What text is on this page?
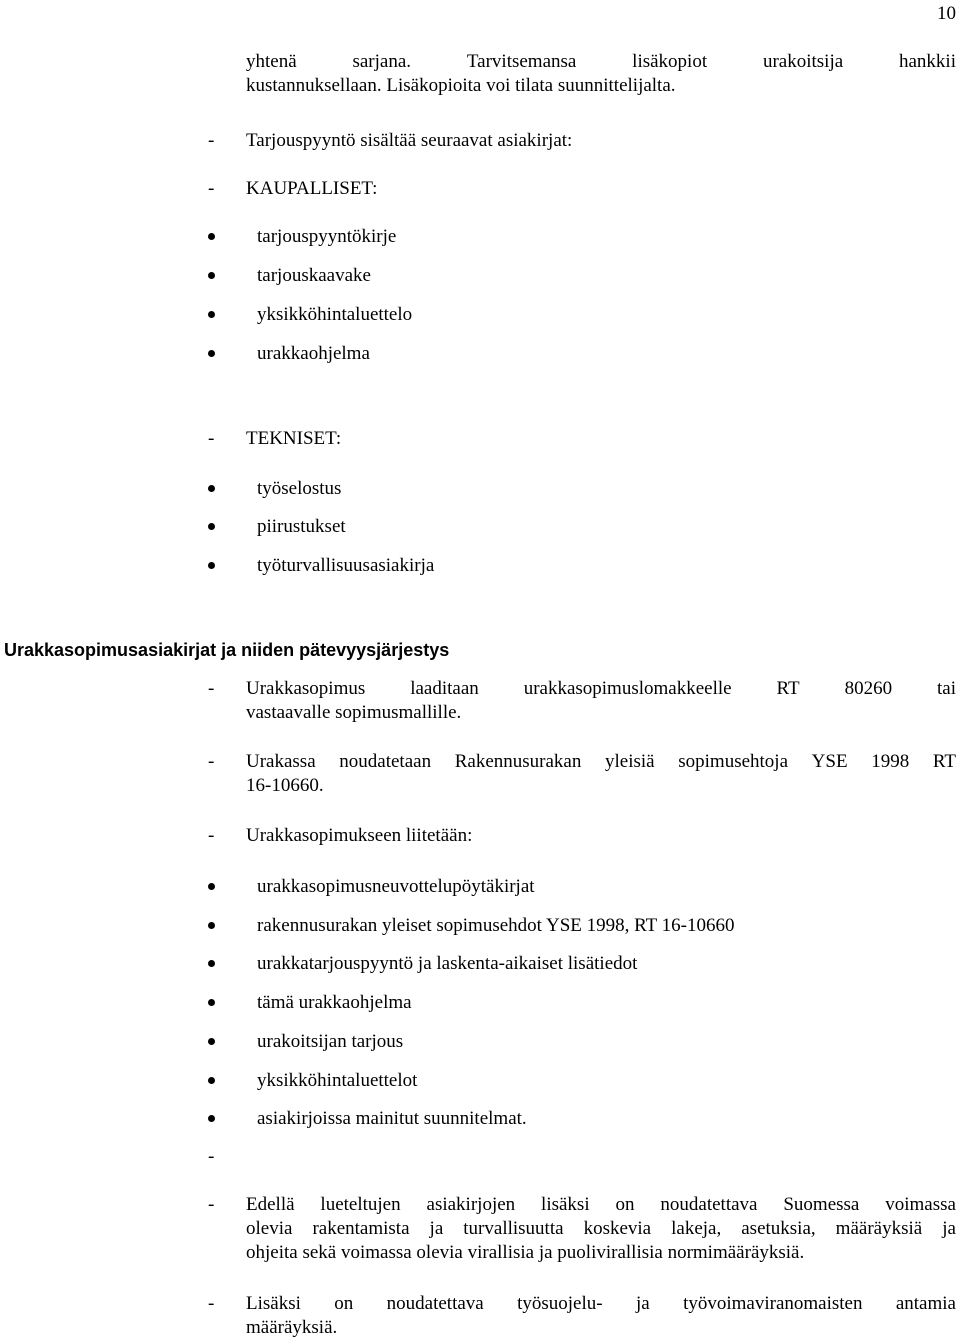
10
yhtenä	sarjana.	Tarvitsemansa	lisäkopiot	urakoitsija	hankkii
kustannuksellaan. Lisäkopioita voi tilata suunnittelijalta.
- Tarjouspyyntö sisältää seuraavat asiakirjat:
- KAUPALLISET:
tarjouspyyntökirje
tarjouskaavake
yksikköhintaluettelo
urakkaohjelma
- TEKNISET:
työselostus
piirustukset
työturvallisuusasiakirja
Urakkasopimusasiakirjat ja niiden pätevyysjärjestys
- Urakkasopimus laaditaan urakkasopimuslomakkeelle RT 80260 tai
vastaavalle sopimusmallille.
- Urakassa noudatetaan Rakennusurakan yleisiä sopimusehtoja YSE 1998 RT
16-10660.
- Urakkasopimukseen liitetään:
urakkasopimusneuvottelupöytäkirjat
rakennusurakan yleiset sopimusehdot YSE 1998, RT 16-10660
urakkatarjouspyyntö ja laskenta-aikaiset lisätiedot
tämä urakkaohjelma
urakoitsijan tarjous
yksikköhintaluettelot
asiakirjoissa mainitut suunnitelmat.
-
- Edellä lueteltujen asiakirjojen lisäksi on noudatettava Suomessa voimassa
olevia rakentamista ja turvallisuutta koskevia lakeja, asetuksia, määräyksiä ja
ohjeita sekä voimassa olevia virallisia ja puolivirallisia normimääräyksiä.
- Lisäksi on noudatettava työsuojelu- ja työvoimaviranomaisten antamia
määräyksiä.
